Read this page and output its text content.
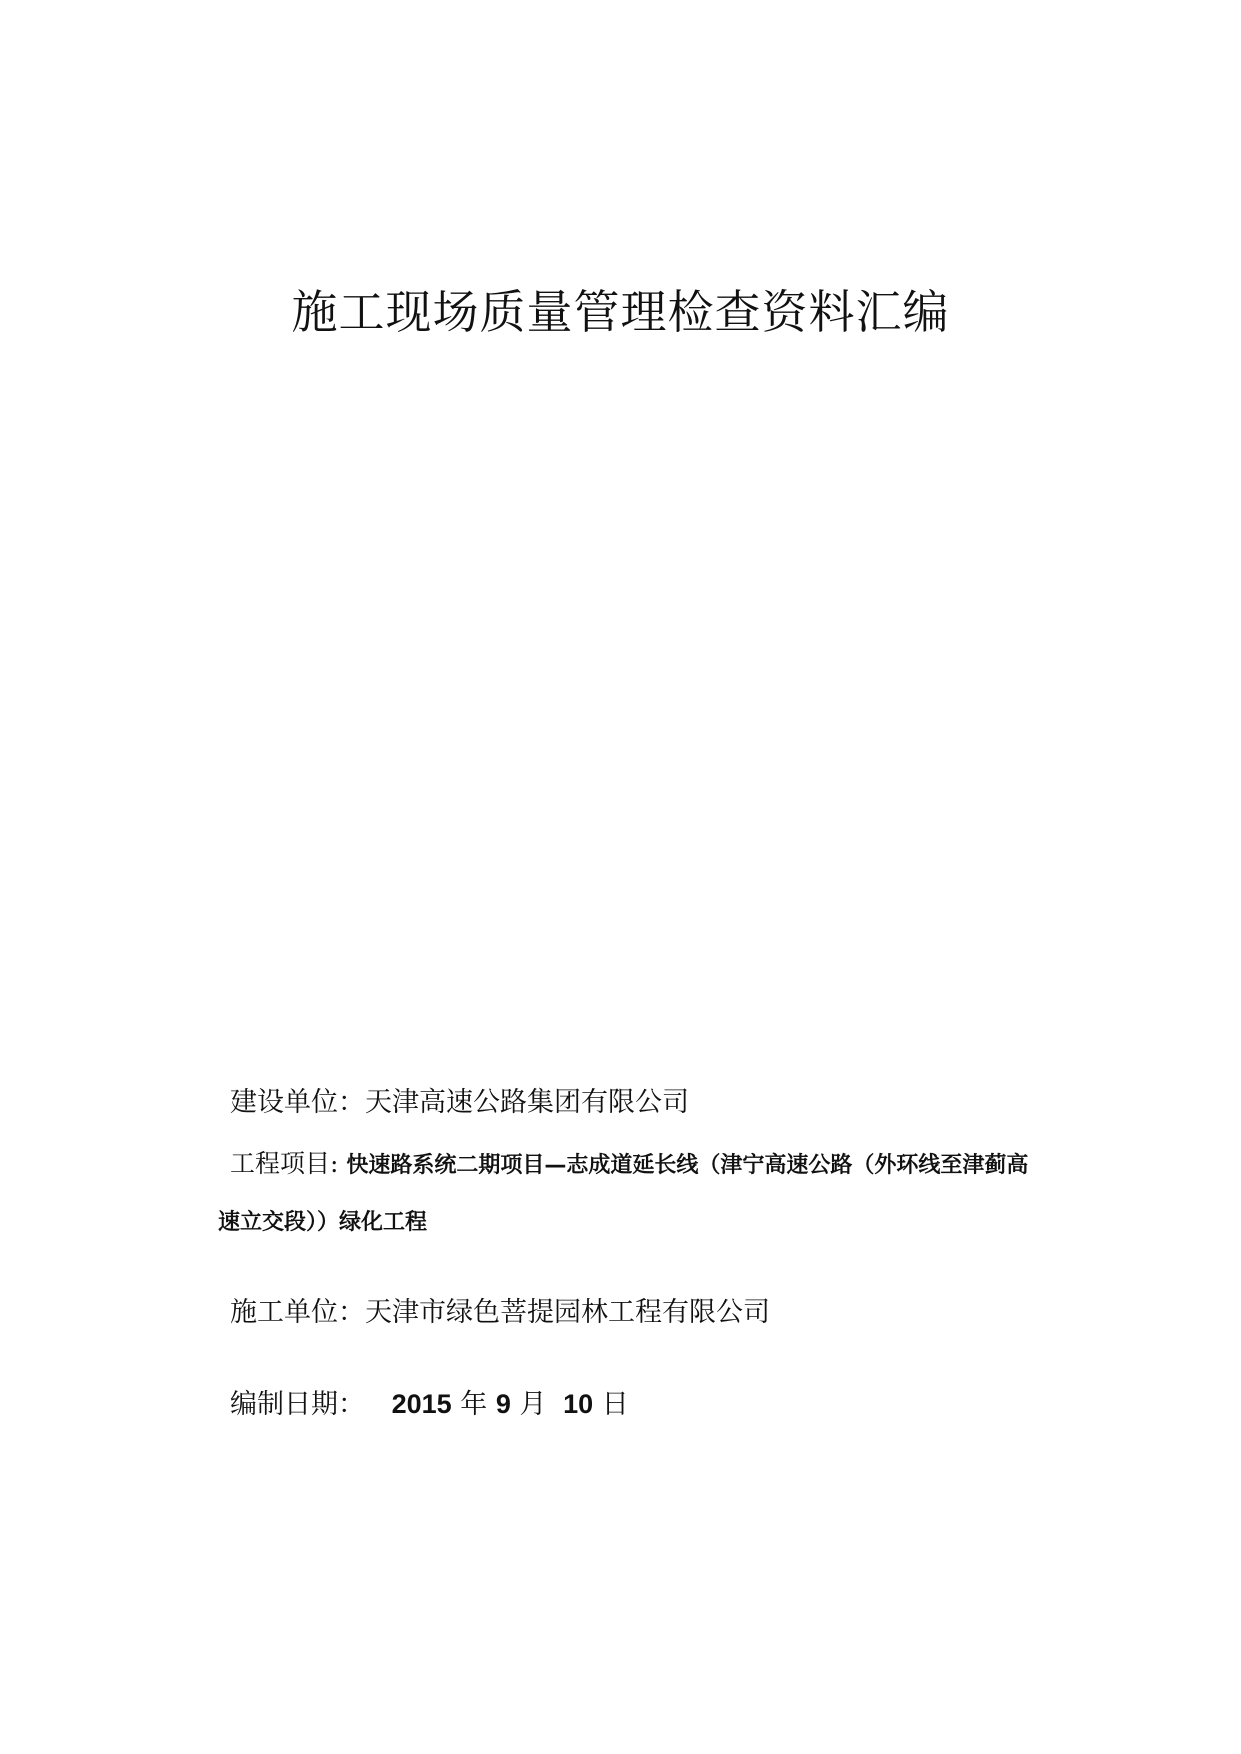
施工现场质量管理检查资料汇编
建设单位：天津高速公路集团有限公司
工程项目: 快速路系统二期项目—志成道延长线（津宁高速公路（外环线至津蓟高
速立交段））绿化工程
施工单位：天津市绿色菩提园林工程有限公司
编制日期： 2015 年 9 月 10 日
